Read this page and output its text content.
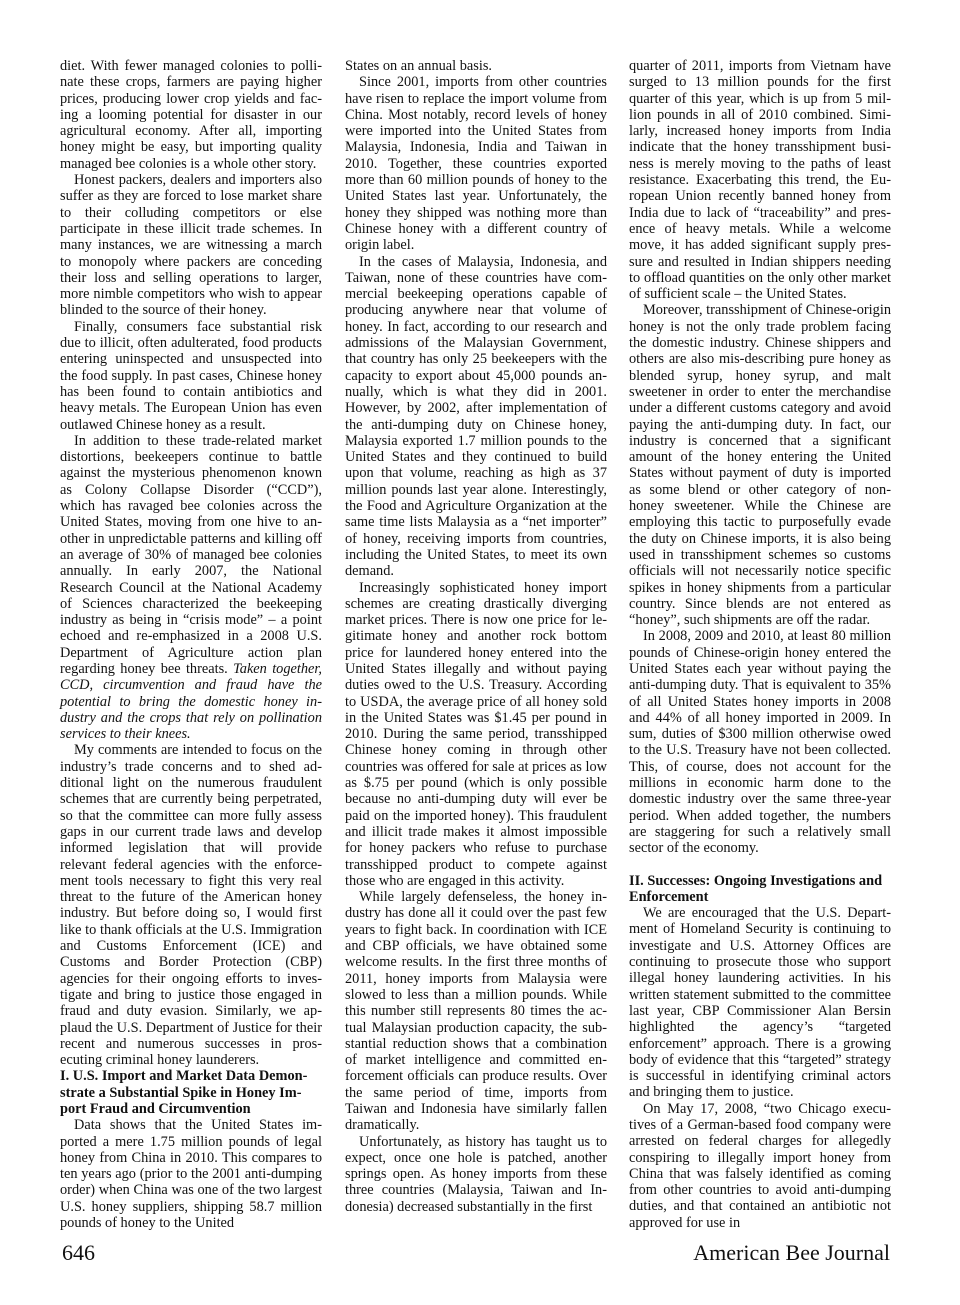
diet. With fewer managed colonies to pollinate these crops, farmers are paying higher prices, producing lower crop yields and facing a looming potential for disaster in our agricultural economy. After all, importing honey might be easy, but importing quality managed bee colonies is a whole other story.

Honest packers, dealers and importers also suffer as they are forced to lose market share to their colluding competitors or else participate in these illicit trade schemes. In many instances, we are witnessing a march to monopoly where packers are conceding their loss and selling operations to larger, more nimble competitors who wish to appear blinded to the source of their honey.

Finally, consumers face substantial risk due to illicit, often adulterated, food products entering uninspected and unsuspected into the food supply. In past cases, Chinese honey has been found to contain antibiotics and heavy metals. The European Union has even outlawed Chinese honey as a result.

In addition to these trade-related market distortions, beekeepers continue to battle against the mysterious phenomenon known as Colony Collapse Disorder (“CCD”), which has ravaged bee colonies across the United States, moving from one hive to another in unpredictable patterns and killing off an average of 30% of managed bee colonies annually. In early 2007, the National Research Council at the National Academy of Sciences characterized the beekeeping industry as being in “crisis mode” – a point echoed and re-emphasized in a 2008 U.S. Department of Agriculture action plan regarding honey bee threats. Taken together, CCD, circumvention and fraud have the potential to bring the domestic honey industry and the crops that rely on pollination services to their knees.

My comments are intended to focus on the industry’s trade concerns and to shed additional light on the numerous fraudulent schemes that are currently being perpetrated, so that the committee can more fully assess gaps in our current trade laws and develop informed legislation that will provide relevant federal agencies with the enforcement tools necessary to fight this very real threat to the future of the American honey industry. But before doing so, I would first like to thank officials at the U.S. Immigration and Customs Enforcement (ICE) and Customs and Border Protection (CBP) agencies for their ongoing efforts to investigate and bring to justice those engaged in fraud and duty evasion. Similarly, we applaud the U.S. Department of Justice for their recent and numerous successes in prosecuting criminal honey launderers.

I. U.S. Import and Market Data Demonstrate a Substantial Spike in Honey Import Fraud and Circumvention

Data shows that the United States imported a mere 1.75 million pounds of legal honey from China in 2010. This compares to ten years ago (prior to the 2001 anti-dumping order) when China was one of the two largest U.S. honey suppliers, shipping 58.7 million pounds of honey to the United

States on an annual basis.

Since 2001, imports from other countries have risen to replace the import volume from China. Most notably, record levels of honey were imported into the United States from Malaysia, Indonesia, India and Taiwan in 2010. Together, these countries exported more than 60 million pounds of honey to the United States last year. Unfortunately, the honey they shipped was nothing more than Chinese honey with a different country of origin label.

In the cases of Malaysia, Indonesia, and Taiwan, none of these countries have commercial beekeeping operations capable of producing anywhere near that volume of honey. In fact, according to our research and admissions of the Malaysian Government, that country has only 25 beekeepers with the capacity to export about 45,000 pounds annually, which is what they did in 2001. However, by 2002, after implementation of the anti-dumping duty on Chinese honey, Malaysia exported 1.7 million pounds to the United States and they continued to build upon that volume, reaching as high as 37 million pounds last year alone. Interestingly, the Food and Agriculture Organization at the same time lists Malaysia as a “net importer” of honey, receiving imports from countries, including the United States, to meet its own demand.

Increasingly sophisticated honey import schemes are creating drastically diverging market prices. There is now one price for legitimate honey and another rock bottom price for laundered honey entered into the United States illegally and without paying duties owed to the U.S. Treasury. According to USDA, the average price of all honey sold in the United States was $1.45 per pound in 2010. During the same period, transshipped Chinese honey coming in through other countries was offered for sale at prices as low as $.75 per pound (which is only possible because no anti-dumping duty will ever be paid on the imported honey). This fraudulent and illicit trade makes it almost impossible for honey packers who refuse to purchase transshipped product to compete against those who are engaged in this activity.

While largely defenseless, the honey industry has done all it could over the past few years to fight back. In coordination with ICE and CBP officials, we have obtained some welcome results. In the first three months of 2011, honey imports from Malaysia were slowed to less than a million pounds. While this number still represents 80 times the actual Malaysian production capacity, the substantial reduction shows that a combination of market intelligence and committed enforcement officials can produce results. Over the same period of time, imports from Taiwan and Indonesia have similarly fallen dramatically.

Unfortunately, as history has taught us to expect, once one hole is patched, another springs open. As honey imports from these three countries (Malaysia, Taiwan and Indonesia) decreased substantially in the first

quarter of 2011, imports from Vietnam have surged to 13 million pounds for the first quarter of this year, which is up from 5 million pounds in all of 2010 combined. Similarly, increased honey imports from India indicate that the honey transshipment business is merely moving to the paths of least resistance. Exacerbating this trend, the European Union recently banned honey from India due to lack of “traceability” and presence of heavy metals. While a welcome move, it has added significant supply pressure and resulted in Indian shippers needing to offload quantities on the only other market of sufficient scale – the United States.

Moreover, transshipment of Chinese-origin honey is not the only trade problem facing the domestic industry. Chinese shippers and others are also mis-describing pure honey as blended syrup, honey syrup, and malt sweetener in order to enter the merchandise under a different customs category and avoid paying the anti-dumping duty. In fact, our industry is concerned that a significant amount of the honey entering the United States without payment of duty is imported as some blend or other category of non-honey sweetener. While the Chinese are employing this tactic to purposefully evade the duty on Chinese imports, it is also being used in transshipment schemes so customs officials will not necessarily notice specific spikes in honey shipments from a particular country. Since blends are not entered as “honey”, such shipments are off the radar.

In 2008, 2009 and 2010, at least 80 million pounds of Chinese-origin honey entered the United States each year without paying the anti-dumping duty. That is equivalent to 35% of all United States honey imports in 2008 and 44% of all honey imported in 2009. In sum, duties of $300 million otherwise owed to the U.S. Treasury have not been collected. This, of course, does not account for the millions in economic harm done to the domestic industry over the same three-year period. When added together, the numbers are staggering for such a relatively small sector of the economy.

II. Successes: Ongoing Investigations and Enforcement

We are encouraged that the U.S. Department of Homeland Security is continuing to investigate and U.S. Attorney Offices are continuing to prosecute those who support illegal honey laundering activities. In his written statement submitted to the committee last year, CBP Commissioner Alan Bersin highlighted the agency’s “targeted enforcement” approach. There is a growing body of evidence that this “targeted” strategy is successful in identifying criminal actors and bringing them to justice.

On May 17, 2008, “two Chicago executives of a German-based food company were arrested on federal charges for allegedly conspiring to illegally import honey from China that was falsely identified as coming from other countries to avoid anti-dumping duties, and that contained an antibiotic not approved for use in

646	American Bee Journal
